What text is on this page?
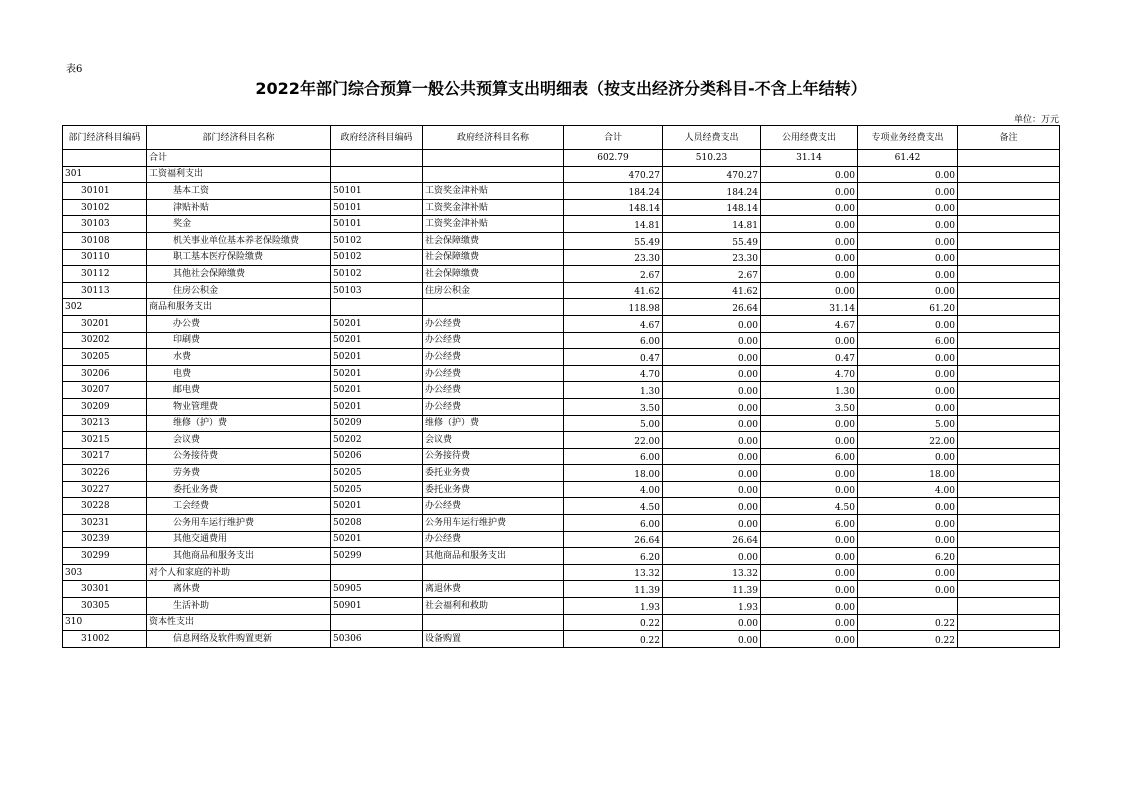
表6
2022年部门综合预算一般公共预算支出明细表（按支出经济分类科目-不含上年结转）
单位：万元
部门经济科目编码	部门经济科目名称	政府经济科目编码	政府经济科目名称	合计	人员经费支出	公用经费支出	专项业务经费支出	备注
	合计			602.79	510.23	31.14	61.42	
301	工资福利支出			470.27	470.27	0.00	0.00	
30101	基本工资	50101	工资奖金津补贴	184.24	184.24	0.00	0.00	
30102	津贴补贴	50101	工资奖金津补贴	148.14	148.14	0.00	0.00	
30103	奖金	50101	工资奖金津补贴	14.81	14.81	0.00	0.00	
30108	机关事业单位基本养老保险缴费	50102	社会保障缴费	55.49	55.49	0.00	0.00	
30110	职工基本医疗保险缴费	50102	社会保障缴费	23.30	23.30	0.00	0.00	
30112	其他社会保障缴费	50102	社会保障缴费	2.67	2.67	0.00	0.00	
30113	住房公积金	50103	住房公积金	41.62	41.62	0.00	0.00	
302	商品和服务支出			118.98	26.64	31.14	61.20	
30201	办公费	50201	办公经费	4.67	0.00	4.67	0.00	
30202	印刷费	50201	办公经费	6.00	0.00	0.00	6.00	
30205	水费	50201	办公经费	0.47	0.00	0.47	0.00	
30206	电费	50201	办公经费	4.70	0.00	4.70	0.00	
30207	邮电费	50201	办公经费	1.30	0.00	1.30	0.00	
30209	物业管理费	50201	办公经费	3.50	0.00	3.50	0.00	
30213	维修（护）费	50209	维修（护）费	5.00	0.00	0.00	5.00	
30215	会议费	50202	会议费	22.00	0.00	0.00	22.00	
30217	公务接待费	50206	公务接待费	6.00	0.00	6.00	0.00	
30226	劳务费	50205	委托业务费	18.00	0.00	0.00	18.00	
30227	委托业务费	50205	委托业务费	4.00	0.00	0.00	4.00	
30228	工会经费	50201	办公经费	4.50	0.00	4.50	0.00	
30231	公务用车运行维护费	50208	公务用车运行维护费	6.00	0.00	6.00	0.00	
30239	其他交通费用	50201	办公经费	26.64	26.64	0.00	0.00	
30299	其他商品和服务支出	50299	其他商品和服务支出	6.20	0.00	0.00	6.20	
303	对个人和家庭的补助			13.32	13.32	0.00	0.00	
30301	离休费	50905	离退休费	11.39	11.39	0.00	0.00	
30305	生活补助	50901	社会福利和救助	1.93	1.93	0.00		
310	资本性支出			0.22	0.00	0.00	0.22	
31002	信息网络及软件购置更新	50306	设备购置	0.22	0.00	0.00	0.22	
